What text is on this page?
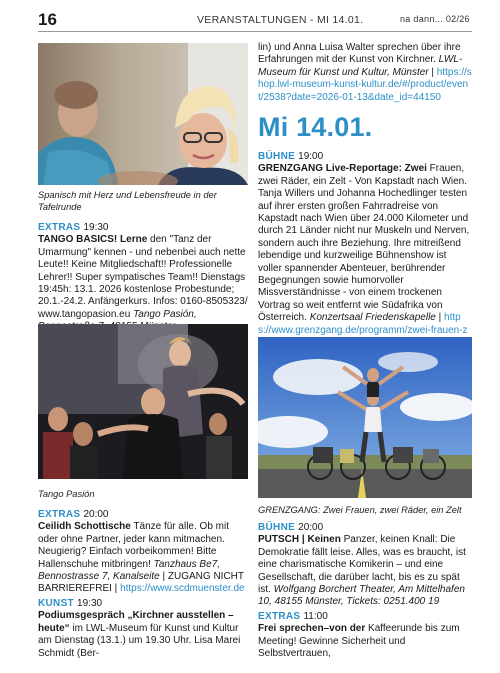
16	VERANSTALTUNGEN - MI 14.01.	na dann... 02/26
Spanisch mit Herz und Lebensfreude in der Tafelrunde

EXTRAS 19:30

TANGO BASICS! Lerne den "Tanz der Umarmung" kennen - und nebenbei auch nette Leute!! Keine Mitgliedschaft!! Professionelle Lehrer!! Super sympatisches Team!! Dienstags 19:45h: 13.1. 2026 kostenlose Probestunde; 20.1.-24.2. Anfängerkurs. Infos: 0160-8505323/ www.tangopasion.eu Tango Pasión,

Tango Pasión

EXTRAS 20:00

Ceilidh Schottische Tänze für alle. Ob mit oder ohne Partner, jeder kann mitmachen. Neugierig? Einfach vorbeikommen! Bitte Hallenschuhe mitbringen! Tanzhaus Be7, Bennostrasse 7, Kanalseite | ZUGANG NICHT BARRIEREFREI | https://www.scdmuenster.de

KUNST 19:30

Podiumsgespräch „Kirchner ausstellen – heute“ im LWL-Museum für Kunst und Kultur am Dienstag (13.1.) um 19.30 Uhr. Lisa Marei Schmidt (Ber-

lin) und Anna Luisa Walter sprechen über ihre Erfahrungen mit der Kunst von Kirchner. LWL-Museum für Kunst und Kultur, Münster | https://shop.lwl-museum-kunst-kultur.de/#/product/event/2538?date=2026-01-13&date_id=44150

Mi 14.01.

BÜHNE 19:00

GRENZGANG Live-Reportage: Zwei Frauen, zwei Räder, ein Zelt - Von Kapstadt nach Wien. Tanja Willers und Johanna Hochedlinger testen auf ihrer ersten großen Fahrradreise von Kapstadt nach Wien über 24.000 Kilometer und durch 21 Länder nicht nur Muskeln und Nerven, sondern auch ihre Beziehung. Ihre mitreißend lebendige und kurzweilige Bühnenshow ist voller spannender Abenteuer, berührender Begegnungen sowie humorvoller Missverständnisse - von einem trockenen Vortrag so weit entfernt wie Südafrika von Österreich. Konzertsaal Friedenskapelle | https://www.grenzgang.de/programm/zwei-frauen-z

GRENZGANG: Zwei Frauen, zwei Räder, ein Zelt

BÜHNE 20:00

PUTSCH | Keinen Panzer, keinen Knall: Die Demokratie fällt leise. Alles, was es braucht, ist eine charismatische Komikerin – und eine Gesellschaft, die darüber lacht, bis es zu spät ist. Wolfgang Borchert Theater, Am Mittelhafen 10, 48155 Münster, Tickets: 0251.400 19

EXTRAS 11:00

Frei sprechen–von der Kaffeerunde bis zum Meeting! Gewinne Sicherheit und Selbstvertrauen,
